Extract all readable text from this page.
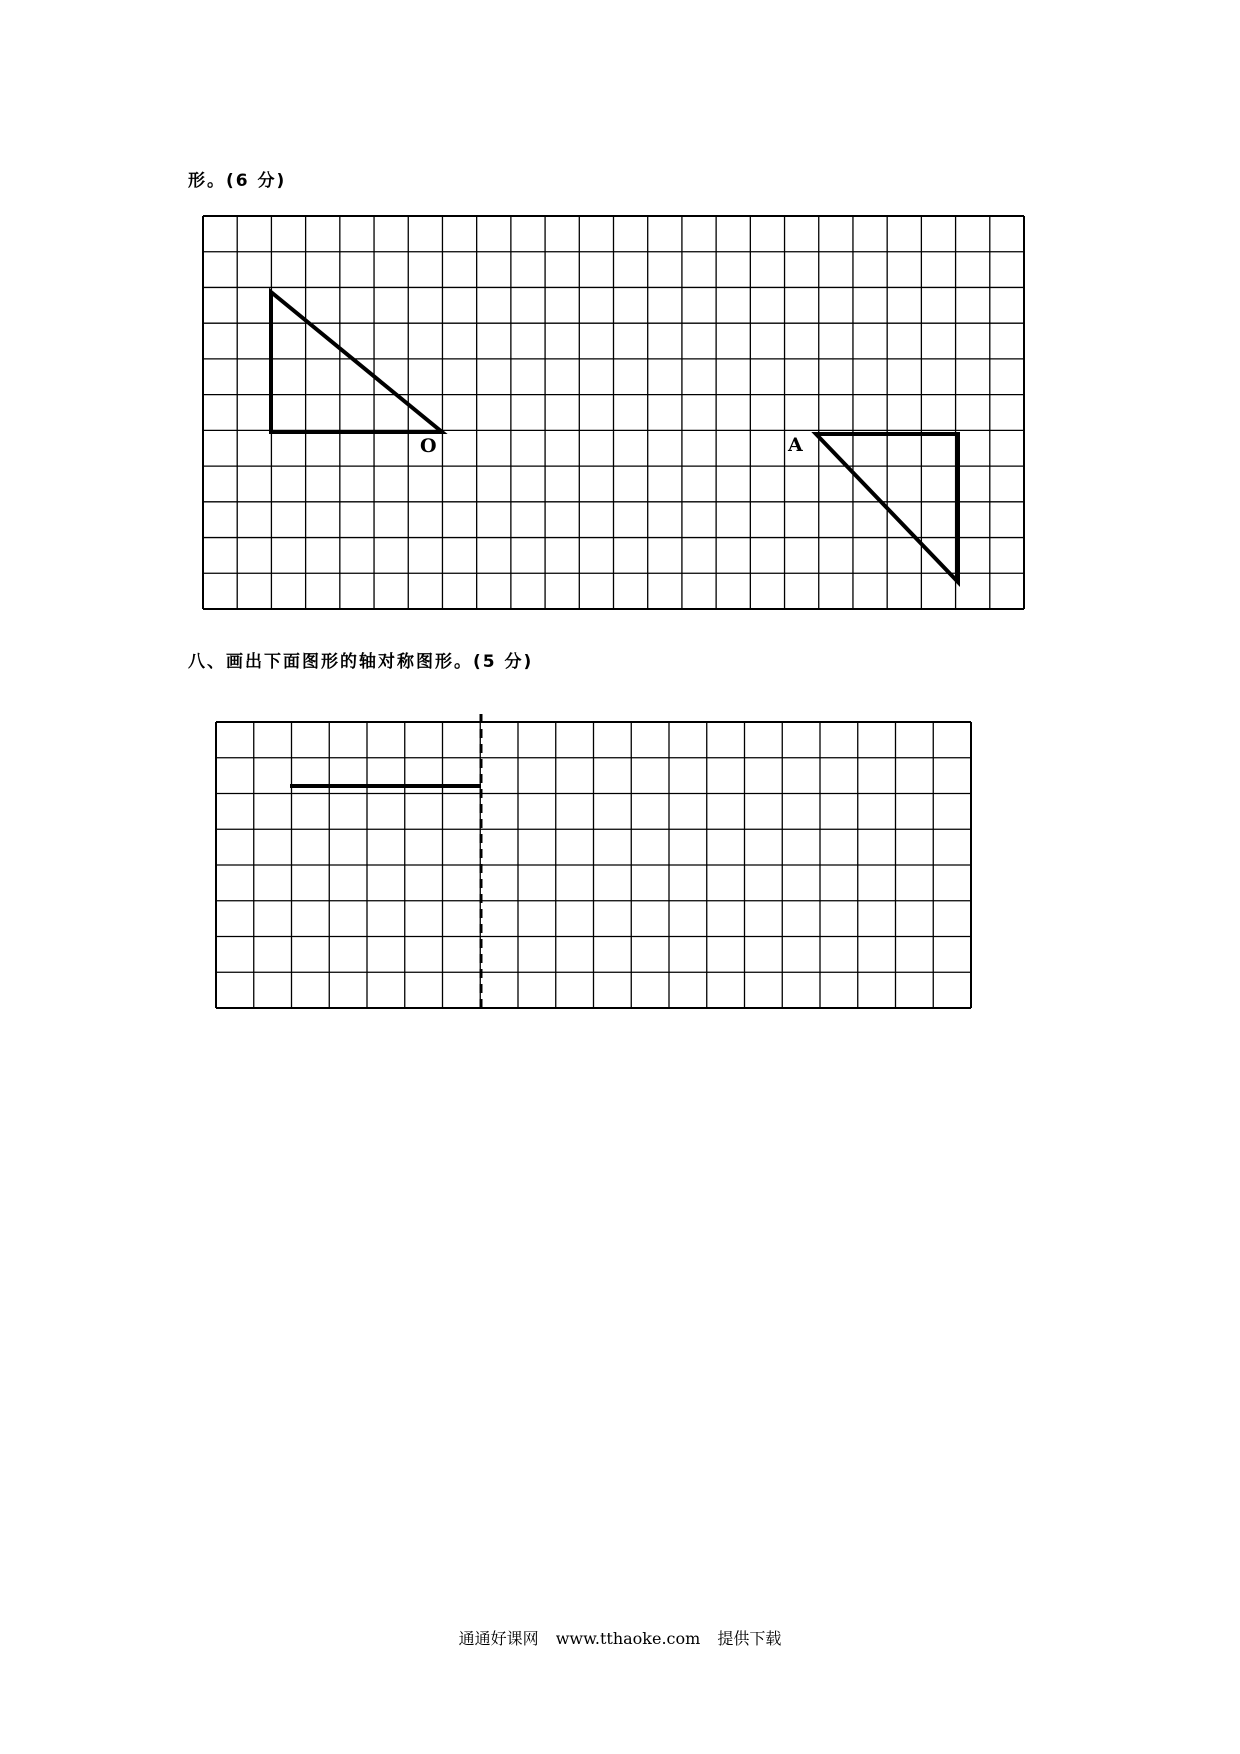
形。(6 分)
O	A
八、画出下面图形的轴对称图形。(5 分)
通通好课网 www.tthaoke.com 提供下载
